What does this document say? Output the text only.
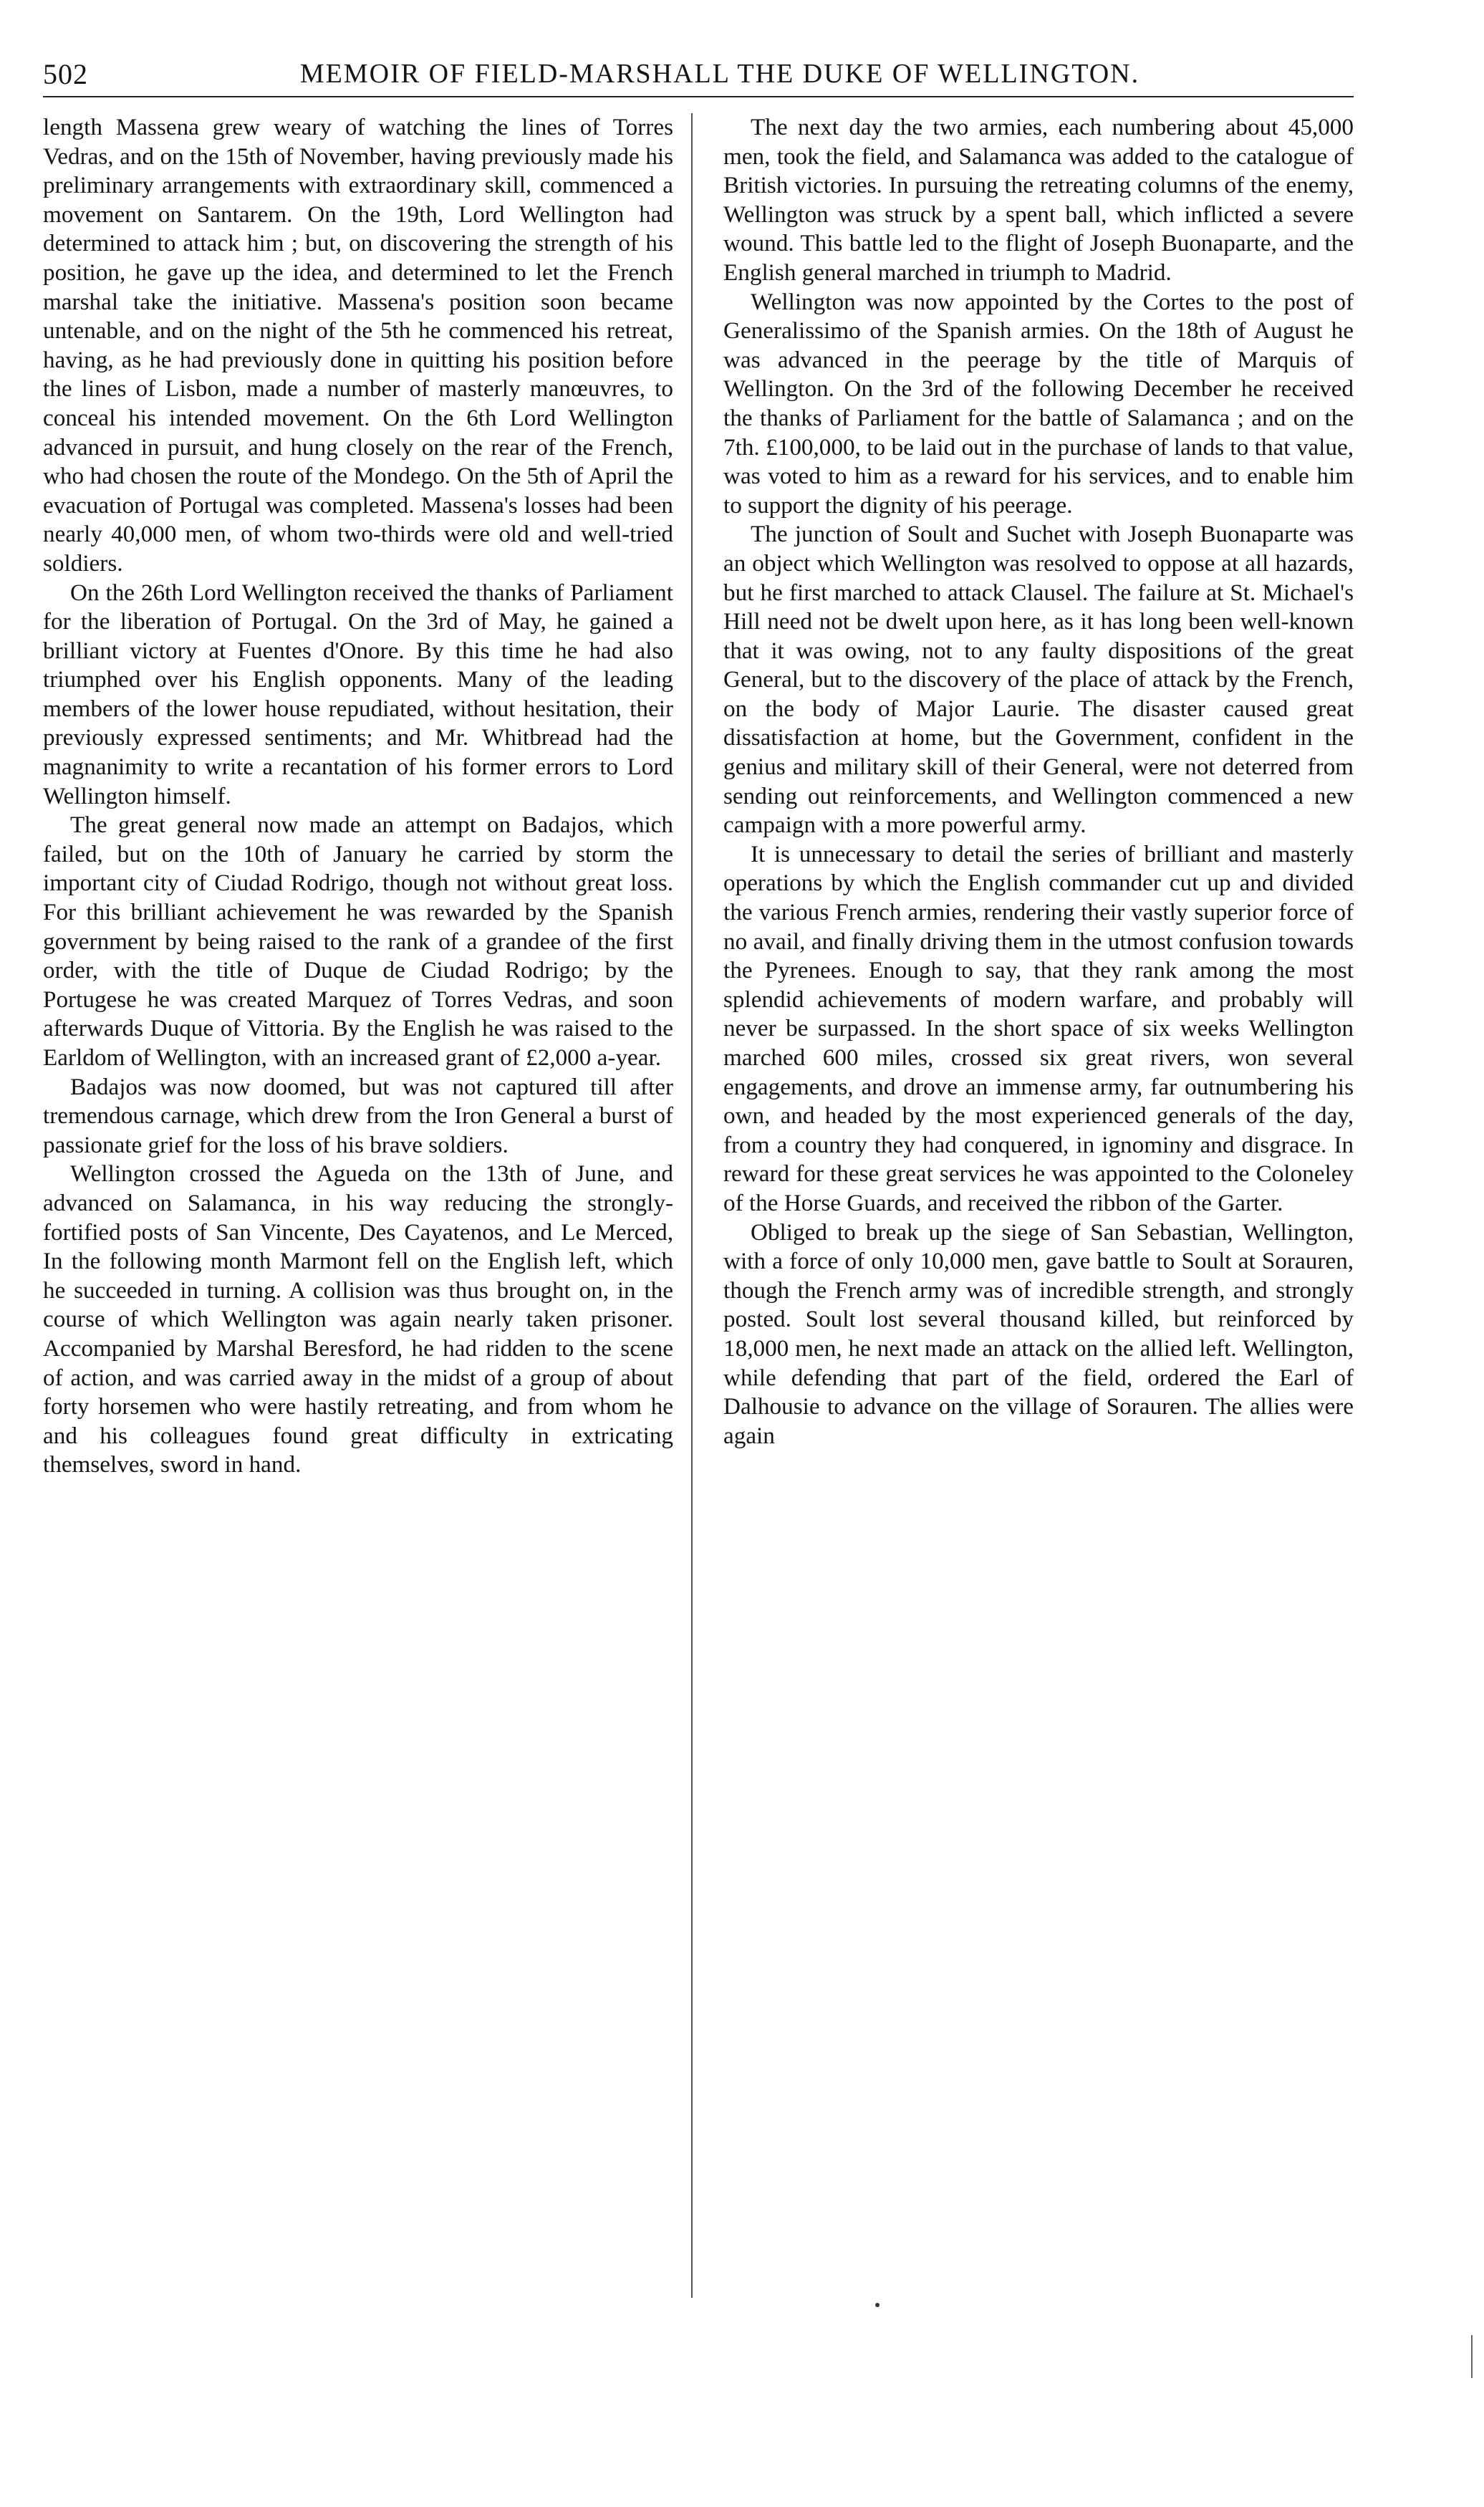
502	MEMOIR OF FIELD-MARSHALL THE DUKE OF WELLINGTON.

length Massena grew weary of watching the lines of Torres Vedras, and on the 15th of November, having previously made his preliminary arrangements with extraordinary skill, commenced a movement on Santarem. On the 19th, Lord Wellington had determined to attack him ; but, on discovering the strength of his position, he gave up the idea, and determined to let the French marshal take the initiative. Massena's position soon became untenable, and on the night of the 5th he commenced his retreat, having, as he had previously done in quitting his position before the lines of Lisbon, made a number of masterly manœuvres, to conceal his intended movement. On the 6th Lord Wellington advanced in pursuit, and hung closely on the rear of the French, who had chosen the route of the Mondego. On the 5th of April the evacuation of Portugal was completed. Massena's losses had been nearly 40,000 men, of whom two-thirds were old and well-tried soldiers.

On the 26th Lord Wellington received the thanks of Parliament for the liberation of Portugal. On the 3rd of May, he gained a brilliant victory at Fuentes d'Onore. By this time he had also triumphed over his English opponents. Many of the leading members of the lower house repudiated, without hesitation, their previously expressed sentiments; and Mr. Whitbread had the magnanimity to write a recantation of his former errors to Lord Wellington himself.

The great general now made an attempt on Badajos, which failed, but on the 10th of January he carried by storm the important city of Ciudad Rodrigo, though not without great loss. For this brilliant achievement he was rewarded by the Spanish government by being raised to the rank of a grandee of the first order, with the title of Duque de Ciudad Rodrigo; by the Portugese he was created Marquez of Torres Vedras, and soon afterwards Duque of Vittoria. By the English he was raised to the Earldom of Wellington, with an increased grant of £2,000 a-year.

Badajos was now doomed, but was not captured till after tremendous carnage, which drew from the Iron General a burst of passionate grief for the loss of his brave soldiers.

Wellington crossed the Agueda on the 13th of June, and advanced on Salamanca, in his way reducing the strongly-fortified posts of San Vincente, Des Cayatenos, and Le Merced, In the following month Marmont fell on the English left, which he succeeded in turning. A collision was thus brought on, in the course of which Wellington was again nearly taken prisoner. Accompanied by Marshal Beresford, he had ridden to the scene of action, and was carried away in the midst of a group of about forty horsemen who were hastily retreating, and from whom he and his colleagues found great difficulty in extricating themselves, sword in hand.

The next day the two armies, each numbering about 45,000 men, took the field, and Salamanca was added to the catalogue of British victories. In pursuing the retreating columns of the enemy, Wellington was struck by a spent ball, which inflicted a severe wound. This battle led to the flight of Joseph Buonaparte, and the English general marched in triumph to Madrid.

Wellington was now appointed by the Cortes to the post of Generalissimo of the Spanish armies. On the 18th of August he was advanced in the peerage by the title of Marquis of Wellington. On the 3rd of the following December he received the thanks of Parliament for the battle of Salamanca ; and on the 7th. £100,000, to be laid out in the purchase of lands to that value, was voted to him as a reward for his services, and to enable him to support the dignity of his peerage.

The junction of Soult and Suchet with Joseph Buonaparte was an object which Wellington was resolved to oppose at all hazards, but he first marched to attack Clausel. The failure at St. Michael's Hill need not be dwelt upon here, as it has long been well-known that it was owing, not to any faulty dispositions of the great General, but to the discovery of the place of attack by the French, on the body of Major Laurie. The disaster caused great dissatisfaction at home, but the Government, confident in the genius and military skill of their General, were not deterred from sending out reinforcements, and Wellington commenced a new campaign with a more powerful army.

It is unnecessary to detail the series of brilliant and masterly operations by which the English commander cut up and divided the various French armies, rendering their vastly superior force of no avail, and finally driving them in the utmost confusion towards the Pyrenees. Enough to say, that they rank among the most splendid achievements of modern warfare, and probably will never be surpassed. In the short space of six weeks Wellington marched 600 miles, crossed six great rivers, won several engagements, and drove an immense army, far outnumbering his own, and headed by the most experienced generals of the day, from a country they had conquered, in ignominy and disgrace. In reward for these great services he was appointed to the Coloneley of the Horse Guards, and received the ribbon of the Garter.

Obliged to break up the siege of San Sebastian, Wellington, with a force of only 10,000 men, gave battle to Soult at Sorauren, though the French army was of incredible strength, and strongly posted. Soult lost several thousand killed, but reinforced by 18,000 men, he next made an attack on the allied left. Wellington, while defending that part of the field, ordered the Earl of Dalhousie to advance on the village of Sorauren. The allies were again
